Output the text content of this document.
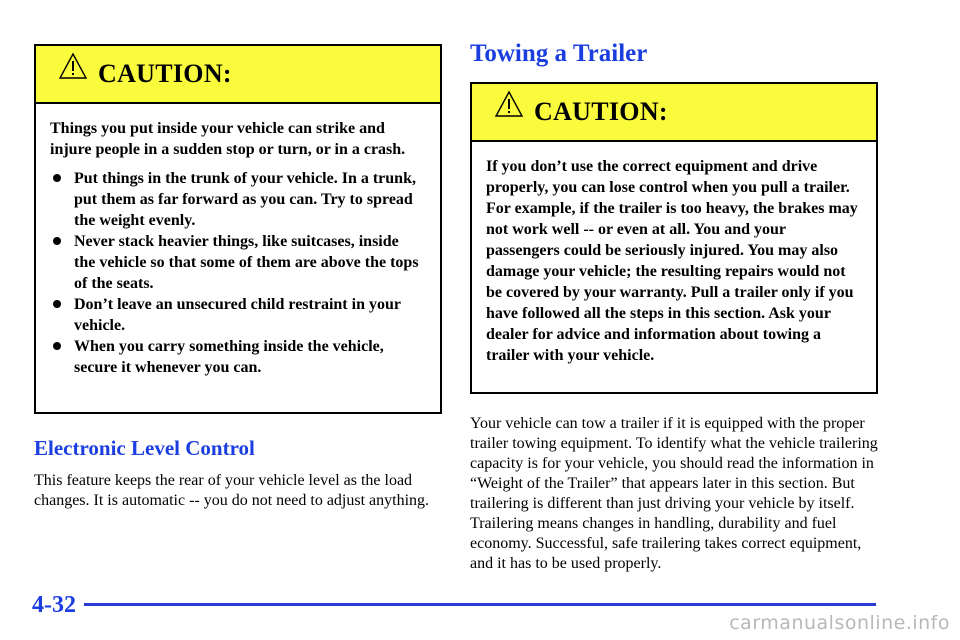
CAUTION:

Things you put inside your vehicle can strike and injure people in a sudden stop or turn, or in a crash.

Put things in the trunk of your vehicle. In a trunk, put them as far forward as you can. Try to spread the weight evenly.
Never stack heavier things, like suitcases, inside the vehicle so that some of them are above the tops of the seats.
Don’t leave an unsecured child restraint in your vehicle.
When you carry something inside the vehicle, secure it whenever you can.
Electronic Level Control

This feature keeps the rear of your vehicle level as the load changes. It is automatic -- you do not need to adjust anything.

Towing a Trailer
CAUTION:

If you don’t use the correct equipment and drive properly, you can lose control when you pull a trailer. For example, if the trailer is too heavy, the brakes may not work well -- or even at all. You and your passengers could be seriously injured. You may also damage your vehicle; the resulting repairs would not be covered by your warranty. Pull a trailer only if you have followed all the steps in this section. Ask your dealer for advice and information about towing a trailer with your vehicle.

Your vehicle can tow a trailer if it is equipped with the proper trailer towing equipment. To identify what the vehicle trailering capacity is for your vehicle, you should read the information in “Weight of the Trailer” that appears later in this section. But trailering is different than just driving your vehicle by itself. Trailering means changes in handling, durability and fuel economy. Successful, safe trailering takes correct equipment, and it has to be used properly.

4-32
carmanualsonline.info
